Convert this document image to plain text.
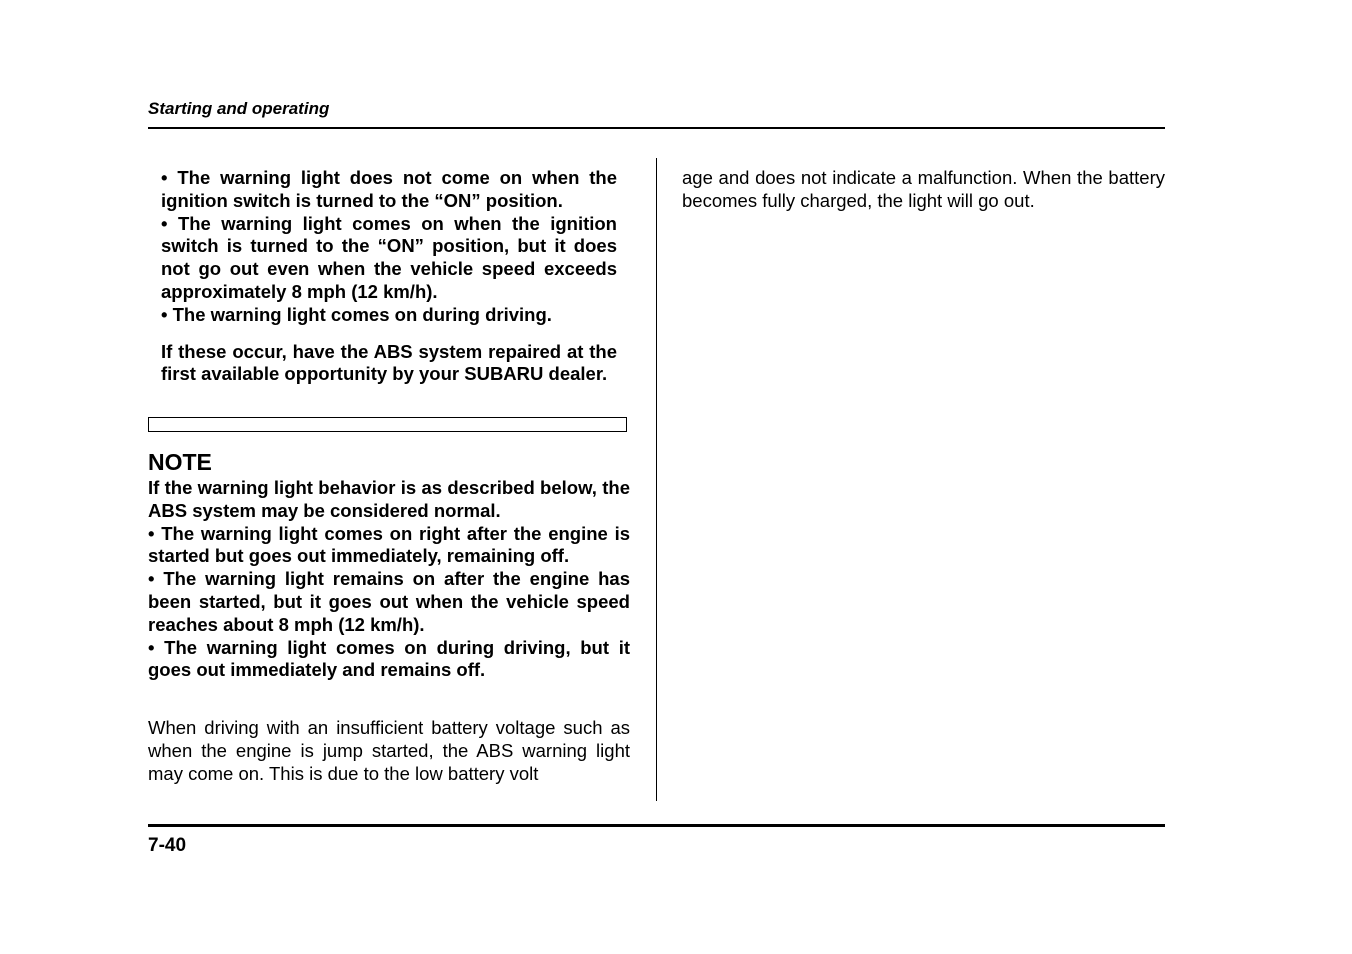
Starting and operating

• The warning light does not come on when the ignition switch is turned to the “ON” position.

• The warning light comes on when the ignition switch is turned to the “ON” position, but it does not go out even when the vehicle speed exceeds approximately 8 mph (12 km/h).

• The warning light comes on during driving.

If these occur, have the ABS system repaired at the first available opportunity by your SUBARU dealer.

NOTE

If the warning light behavior is as described below, the ABS system may be considered normal.

• The warning light comes on right after the engine is started but goes out immediately, remaining off.

• The warning light remains on after the engine has been started, but it goes out when the vehicle speed reaches about 8 mph (12 km/h).

• The warning light comes on during driving, but it goes out immediately and remains off.

When driving with an insufficient battery voltage such as when the engine is jump started, the ABS warning light may come on. This is due to the low battery volt

age and does not indicate a malfunction. When the battery becomes fully charged, the light will go out.

7-40
